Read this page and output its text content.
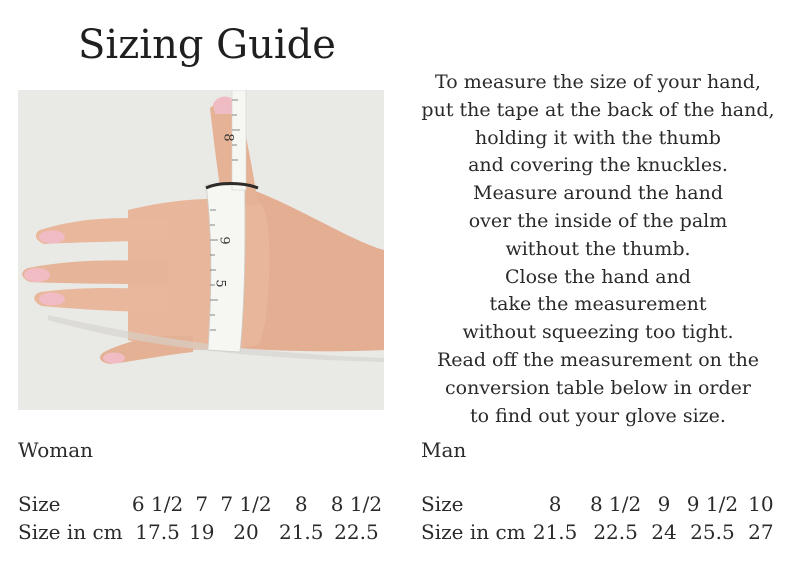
Sizing Guide
8
9
5
To measure the size of your hand,
put the tape at the back of the hand,
holding it with the thumb
and covering the knuckles.
Measure around the hand
over the inside of the palm
without the thumb.
Close the hand and
take the measurement
without squeezing too tight.
Read off the measurement on the
conversion table below in order
to find out your glove size.
Woman
Size	6 1/2	7	7 1/2	8	8 1/2
Size in cm	17.5	19	20	21.5	22.5
Man
Size	8	8 1/2	9	9 1/2	10
Size in cm	21.5	22.5	24	25.5	27
